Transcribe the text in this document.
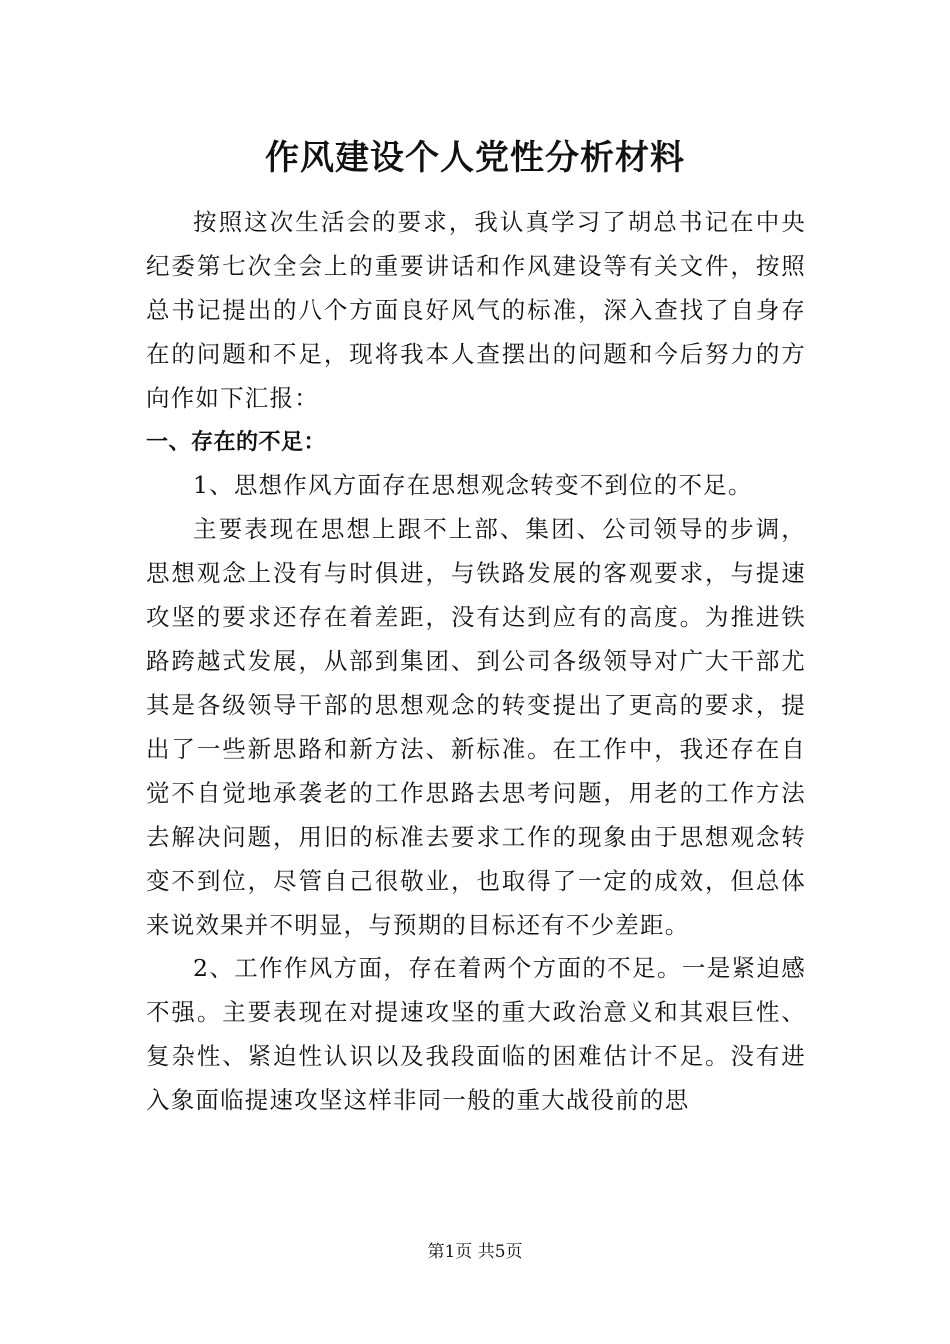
作风建设个人党性分析材料

按照这次生活会的要求，我认真学习了胡总书记在中央纪委第七次全会上的重要讲话和作风建设等有关文件，按照总书记提出的八个方面良好风气的标准，深入查找了自身存在的问题和不足，现将我本人查摆出的问题和今后努力的方向作如下汇报：

一、存在的不足：

1、思想作风方面存在思想观念转变不到位的不足。

主要表现在思想上跟不上部、集团、公司领导的步调，思想观念上没有与时俱进，与铁路发展的客观要求，与提速攻坚的要求还存在着差距，没有达到应有的高度。为推进铁路跨越式发展，从部到集团、到公司各级领导对广大干部尤其是各级领导干部的思想观念的转变提出了更高的要求，提出了一些新思路和新方法、新标准。在工作中，我还存在自觉不自觉地承袭老的工作思路去思考问题，用老的工作方法去解决问题，用旧的标准去要求工作的现象由于思想观念转变不到位，尽管自己很敬业，也取得了一定的成效，但总体来说效果并不明显，与预期的目标还有不少差距。

2、工作作风方面，存在着两个方面的不足。一是紧迫感不强。主要表现在对提速攻坚的重大政治意义和其艰巨性、复杂性、紧迫性认识以及我段面临的困难估计不足。没有进入象面临提速攻坚这样非同一般的重大战役前的思

第1页 共5页
